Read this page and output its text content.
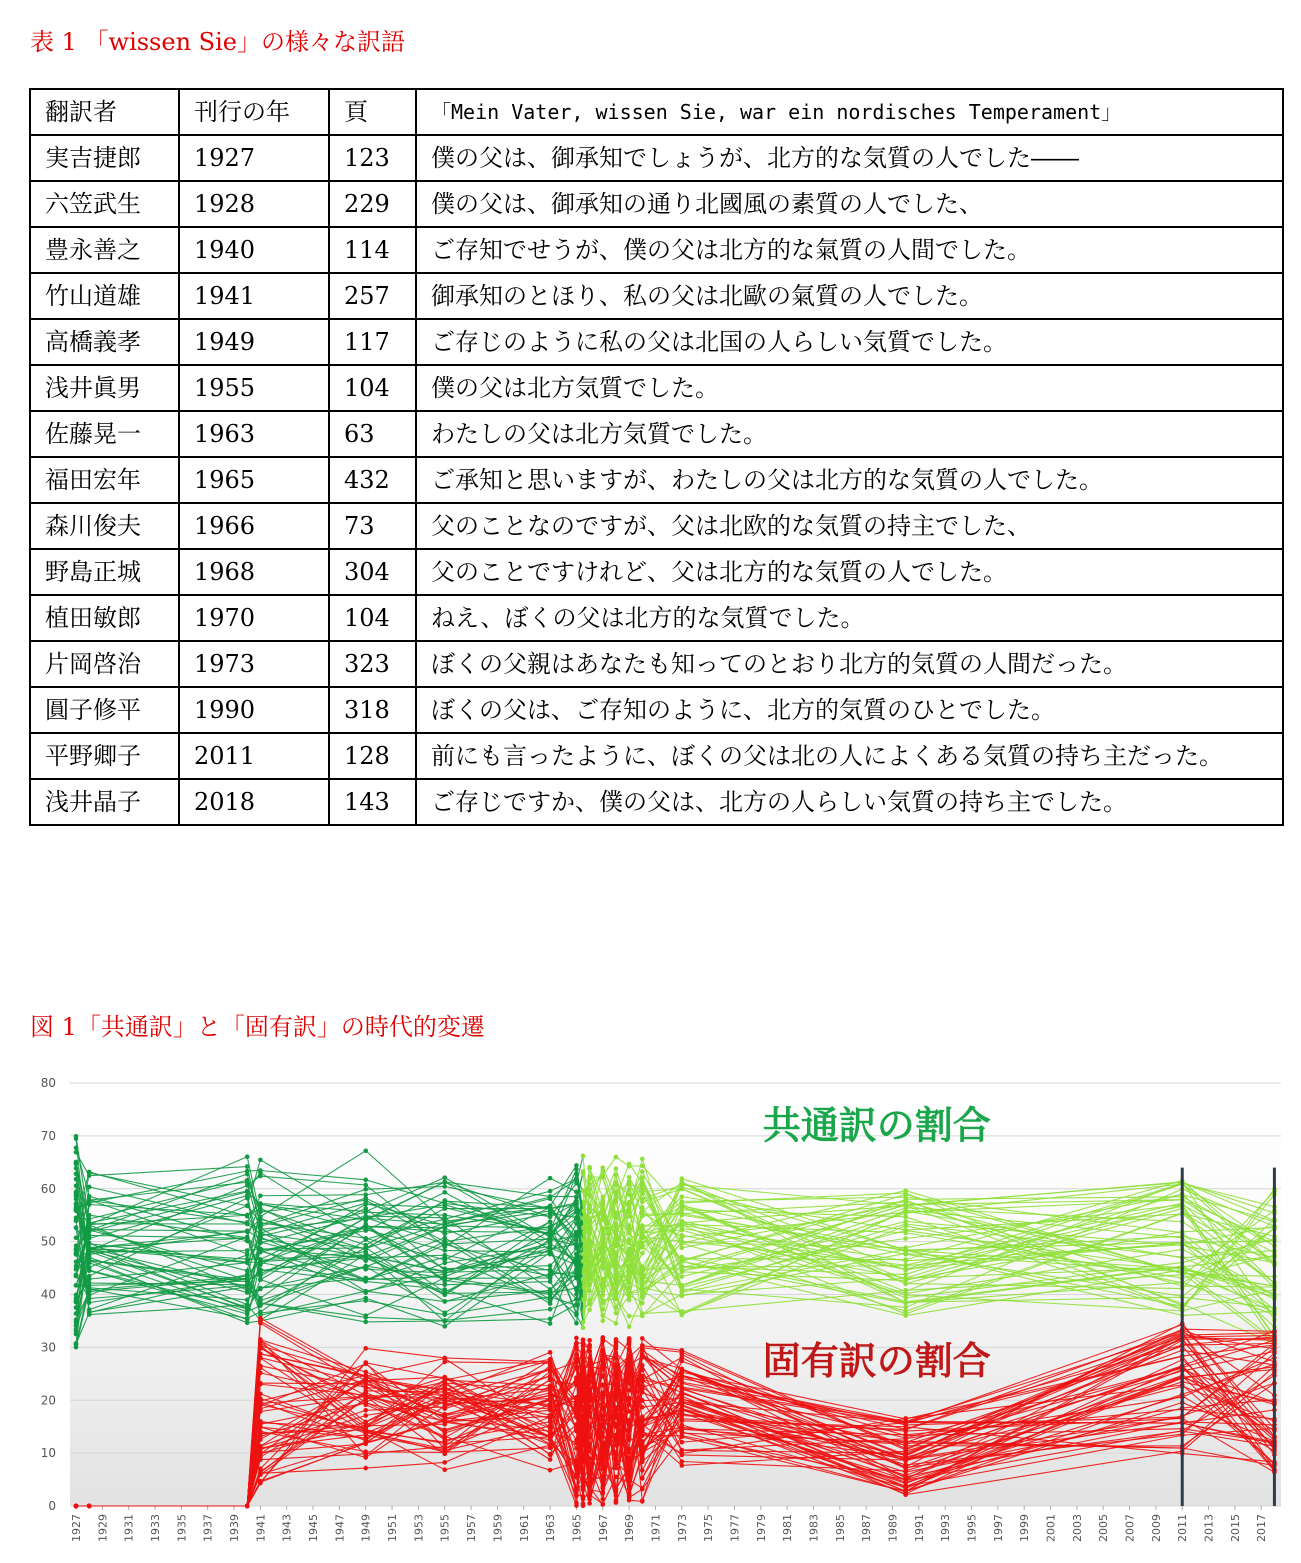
表 1 「wissen Sie」の様々な訳語
翻訳者	刊行の年	頁	「Mein Vater, wissen Sie, war ein nordisches Temperament」
実吉捷郎	1927	123	僕の父は、御承知でしょうが、北方的な気質の人でした――
六笠武生	1928	229	僕の父は、御承知の通り北國風の素質の人でした、
豊永善之	1940	114	ご存知でせうが、僕の父は北方的な氣質の人間でした。
竹山道雄	1941	257	御承知のとほり、私の父は北歐の氣質の人でした。
高橋義孝	1949	117	ご存じのように私の父は北国の人らしい気質でした。
浅井眞男	1955	104	僕の父は北方気質でした。
佐藤晃一	1963	63	わたしの父は北方気質でした。
福田宏年	1965	432	ご承知と思いますが、わたしの父は北方的な気質の人でした。
森川俊夫	1966	73	父のことなのですが、父は北欧的な気質の持主でした、
野島正城	1968	304	父のことですけれど、父は北方的な気質の人でした。
植田敏郎	1970	104	ねえ、ぼくの父は北方的な気質でした。
片岡啓治	1973	323	ぼくの父親はあなたも知ってのとおり北方的気質の人間だった。
圓子修平	1990	318	ぼくの父は、ご存知のように、北方的気質のひとでした。
平野卿子	2011	128	前にも言ったように、ぼくの父は北の人によくある気質の持ち主だった。
浅井晶子	2018	143	ご存じですか、僕の父は、北方の人らしい気質の持ち主でした。
図 1「共通訳」と「固有訳」の時代的変遷
0
10
20
30
40
50
60
70
80
1927 1929 1931 1933 1935 1937 1939 1941 1943 1945 1947 1949 1951 1953 1955 1957 1959 1961 1963 1965 1967 1969 1971 1973 1975 1977 1979 1981 1983 1985 1987 1989 1991 1993 1995 1997 1999 2001 2003 2005 2007 2009 2011 2013 2015 2017
共通訳の割合
固有訳の割合
